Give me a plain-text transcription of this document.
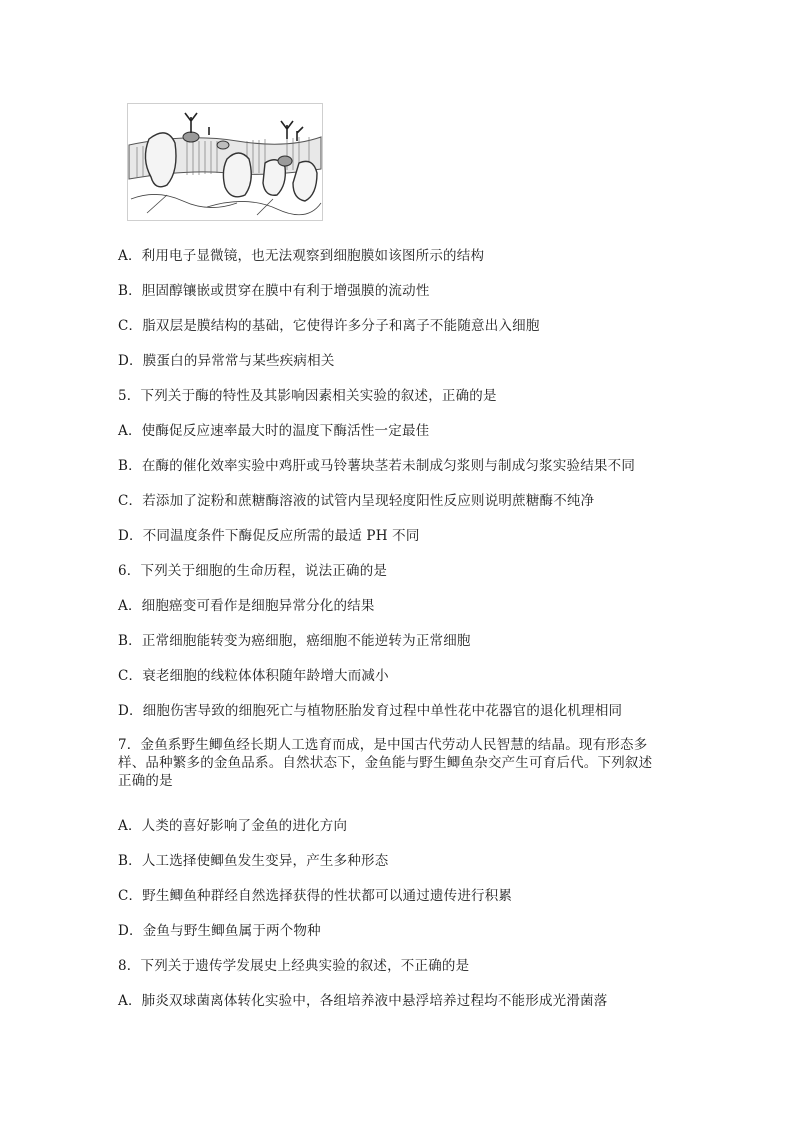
A．利用电子显微镜，也无法观察到细胞膜如该图所示的结构
B．胆固醇镶嵌或贯穿在膜中有利于增强膜的流动性
C．脂双层是膜结构的基础，它使得许多分子和离子不能随意出入细胞
D．膜蛋白的异常常与某些疾病相关
5．下列关于酶的特性及其影响因素相关实验的叙述，正确的是
A．使酶促反应速率最大时的温度下酶活性一定最佳
B．在酶的催化效率实验中鸡肝或马铃薯块茎若未制成匀浆则与制成匀浆实验结果不同
C．若添加了淀粉和蔗糖酶溶液的试管内呈现轻度阳性反应则说明蔗糖酶不纯净
D．不同温度条件下酶促反应所需的最适 PH 不同
6．下列关于细胞的生命历程，说法正确的是
A．细胞癌变可看作是细胞异常分化的结果
B．正常细胞能转变为癌细胞，癌细胞不能逆转为正常细胞
C．衰老细胞的线粒体体积随年龄增大而减小
D．细胞伤害导致的细胞死亡与植物胚胎发育过程中单性花中花器官的退化机理相同
7．金鱼系野生鲫鱼经长期人工选育而成，是中国古代劳动人民智慧的结晶。现有形态多样、品种繁多的金鱼品系。自然状态下，金鱼能与野生鲫鱼杂交产生可育后代。下列叙述正确的是
A．人类的喜好影响了金鱼的进化方向
B．人工选择使鲫鱼发生变异，产生多种形态
C．野生鲫鱼种群经自然选择获得的性状都可以通过遗传进行积累
D．金鱼与野生鲫鱼属于两个物种
8．下列关于遗传学发展史上经典实验的叙述，不正确的是
A．肺炎双球菌离体转化实验中，各组培养液中悬浮培养过程均不能形成光滑菌落
